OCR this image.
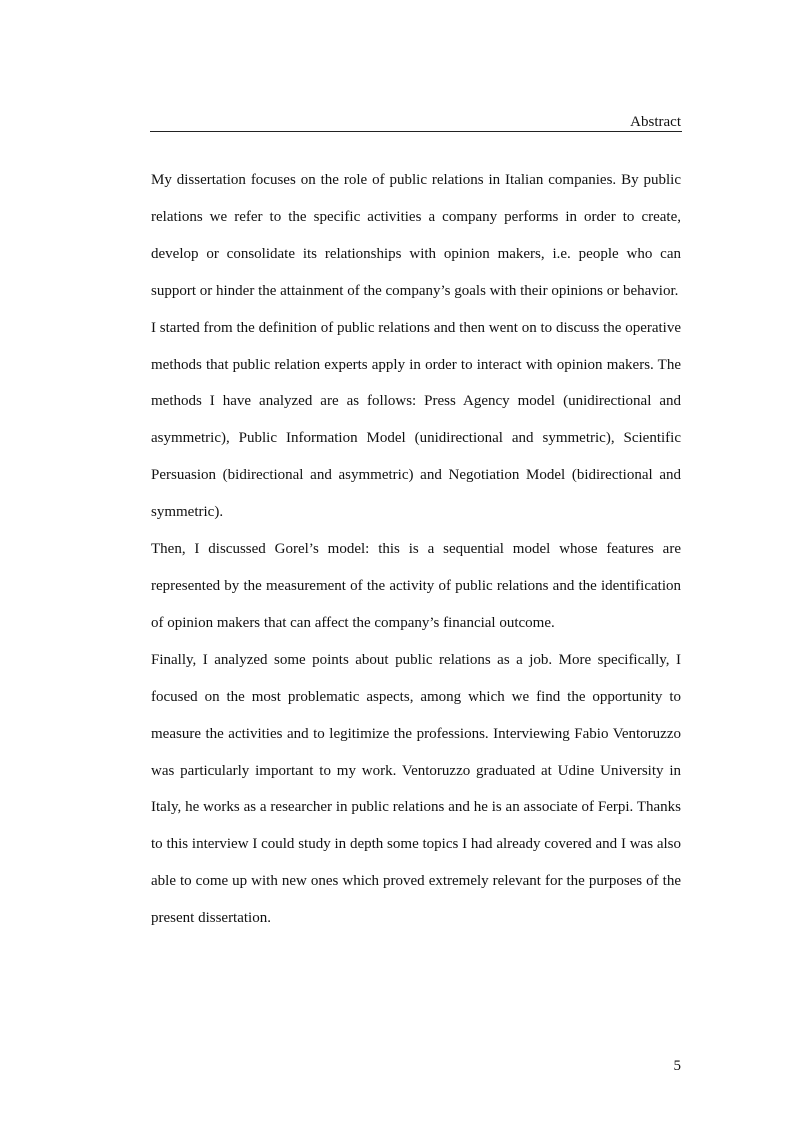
Abstract

My dissertation focuses on the role of public relations in Italian companies. By public relations we refer to the specific activities a company performs in order to create, develop or consolidate its relationships with opinion makers, i.e. people who can support or hinder the attainment of the company’s goals with their opinions or behavior.

I started from the definition of public relations and then went on to discuss the operative methods that public relation experts apply in order to interact with opinion makers. The methods I have analyzed are as follows: Press Agency model (unidirectional and asymmetric), Public Information Model (unidirectional and symmetric), Scientific Persuasion (bidirectional and asymmetric) and Negotiation Model (bidirectional and symmetric).

Then, I discussed Gorel’s model: this is a sequential model whose features are represented by the measurement of the activity of public relations and the identification of opinion makers that can affect the company’s financial outcome.

Finally, I analyzed some points about public relations as a job. More specifically, I focused on the most problematic aspects, among which we find the opportunity to measure the activities and to legitimize the professions. Interviewing Fabio Ventoruzzo was particularly important to my work. Ventoruzzo graduated at Udine University in Italy, he works as a researcher in public relations and he is an associate of Ferpi. Thanks to this interview I could study in depth some topics I had already covered and I was also able to come up with new ones which proved extremely relevant for the purposes of the present dissertation.

5
